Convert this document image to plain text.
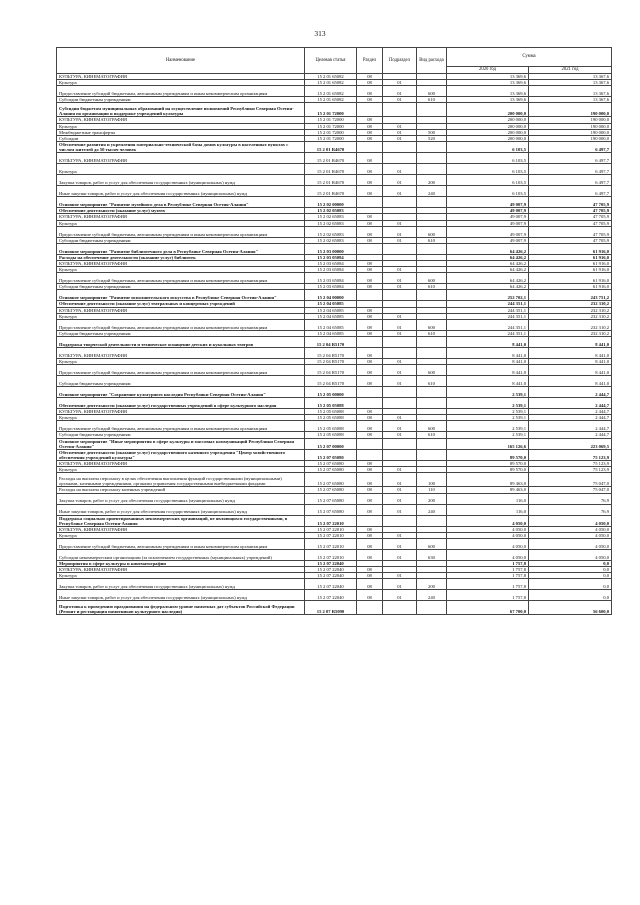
313
Наименование	Целевая статья	Раздел	Подраздел	Вид расхода	Сумма	
					2020 год	2021 год
КУЛЬТУРА, КИНЕМАТОГРАФИЯ	15 2 01 65082	08			13 369,6	13 367,6
Культура	15 2 01 65082	08	01		13 369,6	13 367,6
Предоставление субсидий бюджетным, автономным учреждениям и иным некоммерческим организациям	15 2 01 65082	08	01	600	13 369,6	13 367,6
Субсидии бюджетным учреждениям	15 2 01 65082	08	01	610	13 369,6	13 367,6
Субсидии бюджетам муниципальных образований на осуществление полномочий Республики Северная Осетия-Алания по организации и поддержке учреждений культуры	15 2 01 72000				200 000,0	190 000,0
КУЛЬТУРА, КИНЕМАТОГРАФИЯ	15 2 01 72000	08			200 000,0	190 000,0
Культура	15 2 01 72000	08	01		200 000,0	190 000,0
Межбюджетные трансферты	15 2 01 72000	08	01	500	200 000,0	190 000,0
Субсидии	15 2 01 72000	08	01	520	200 000,0	190 000,0
Обеспечение развития и укрепления материально-технической базы домов культуры в населенных пунктах с числом жителей до 50 тысяч человек	15 2 01 R4670				6 103,5	6 497,7
КУЛЬТУРА, КИНЕМАТОГРАФИЯ	15 2 01 R4670	08			6 103,5	6 497,7
Культура	15 2 01 R4670	08	01		6 103,5	6 497,7
Закупка товаров, работ и услуг для обеспечения государственных (муниципальных) нужд	15 2 01 R4670	08	01	200	6 103,5	6 497,7
Иные закупки товаров, работ и услуг для обеспечения государственных (муниципальных) нужд	15 2 01 R4670	08	01	240	6 103,5	6 497,7
Основное мероприятие "Развитие музейного дела в Республике Северная Осетия-Алания"	15 2 02 00000				49 007,9	47 705,9
Обеспечение деятельности (оказание услуг) музеев	15 2 02 05083				49 007,9	47 705,9
КУЛЬТУРА, КИНЕМАТОГРАФИЯ	15 2 02 65083	08			49 007,9	47 705,9
Культура	15 2 02 65083	08	01		49 007,9	47 705,9
Предоставление субсидий бюджетным, автономным учреждениям и иным некоммерческим организациям	15 2 02 65083	08	01	600	49 007,9	47 705,9
Субсидии бюджетным учреждениям	15 2 02 65083	08	01	610	49 007,9	47 705,9
Основное мероприятие "Развитие библиотечного дела в Республике Северная Осетия-Алания"	15 2 03 00000				64 426,2	61 916,0
Расходы на обеспечение деятельности (оказание услуг) библиотек	15 2 03 05084				64 426,2	61 916,0
КУЛЬТУРА, КИНЕМАТОГРАФИЯ	15 2 03 65084	08			64 426,2	61 916,0
Культура	15 2 03 65084	08	01		64 426,2	61 916,0
Предоставление субсидий бюджетным, автономным учреждениям и иным некоммерческим организациям	15 2 03 65084	08	01	600	64 426,2	61 916,0
Субсидии бюджетным учреждениям	15 2 03 65084	08	01	610	64 426,2	61 916,0
Основное мероприятие "Развитие исполнительского искусства в Республике Северная Осетия-Алания"	15 2 04 00000				252 702,1	243 751,2
Обеспечение деятельности (оказание услуг) театральных и концертных учреждений	15 2 04 05085				244 351,1	232 310,2
КУЛЬТУРА, КИНЕМАТОГРАФИЯ	15 2 04 65085	08			244 351,1	232 310,2
Культура	15 2 04 65085	08	01		244 351,1	232 310,2
Предоставление субсидий бюджетным, автономным учреждениям и иным некоммерческим организациям	15 2 04 65085	08	01	600	244 351,1	232 310,2
Субсидии бюджетным учреждениям	15 2 04 65085	08	01	610	244 351,1	232 310,2
Поддержка творческой деятельности и техническое оснащение детских и кукольных театров	15 2 04 R5170				8 441,0	8 441,0
КУЛЬТУРА, КИНЕМАТОГРАФИЯ	15 2 04 R5170	08			8 441,0	8 441,0
Культура	15 2 04 R5170	08	01		8 441,0	8 441,0
Предоставление субсидий бюджетным, автономным учреждениям и иным некоммерческим организациям	15 2 04 R5170	08	01	600	8 441,0	8 441,0
Субсидии бюджетным учреждениям	15 2 04 R5170	08	01	610	8 441,0	8 441,0
Основное мероприятие "Сохранение культурного наследия Республики Северная Осетия-Алания"	15 2 05 00000				2 539,1	2 444,7
Обеспечение деятельности (оказание услуг) государственных учреждений в сфере культурного наследия	15 2 05 05088				2 539,1	2 444,7
КУЛЬТУРА, КИНЕМАТОГРАФИЯ	15 2 05 65088	08			2 539,1	2 444,7
Культура	15 2 05 65088	08	01		2 539,1	2 444,7
Предоставление субсидий бюджетным, автономным учреждениям и иным некоммерческим организациям	15 2 05 65088	08	01	600	2 539,1	2 444,7
Субсидии бюджетным учреждениям	15 2 05 65088	08	01	610	2 539,1	2 444,7
Основное мероприятие "Иные мероприятия в сфере культуры и массовых коммуникаций Республики Северная Осетия-Алания"	15 2 07 00000				165 126,6	223 069,5
Обеспечение деятельности (оказание услуг) государственного казенного учреждения "Центр хозяйственного обеспечения учреждений культуры"	15 2 07 05080				89 570,0	75 123,9
КУЛЬТУРА, КИНЕМАТОГРАФИЯ	15 2 07 65080	08			89 570,0	75 123,9
Культура	15 2 07 65080	08	01		89 570,0	75 123,9
Расходы на выплаты персоналу в целях обеспечения выполнения функций государственными (муниципальными) органами, казенными учреждениями, органами управления государственными внебюджетными фондами	15 2 07 65080	08	01	100	89 463,0	75 047,0
Расходы на выплаты персоналу казенных учреждений	15 2 07 65080	08	01	110	89 463,0	75 047,0
Закупка товаров, работ и услуг для обеспечения государственных (муниципальных) нужд	15 2 07 65080	08	01	200	116,0	76,9
Иные закупки товаров, работ и услуг для обеспечения государственных (муниципальных) нужд	15 2 07 65080	08	01	240	116,0	76,9
Поддержка социально ориентированных некоммерческих организаций, не являющихся государственными, в Республике Северная Осетия-Алания	15 2 07 22010				4 050,0	4 050,0
КУЛЬТУРА, КИНЕМАТОГРАФИЯ	15 2 07 22010	08			4 050,0	4 050,0
Культура	15 2 07 22010	08	01		4 050,0	4 050,0
Предоставление субсидий бюджетным, автономным учреждениям и иным некоммерческим организациям	15 2 07 22010	08	01	600	4 050,0	4 050,0
Субсидии некоммерческим организациям (за исключением государственных (муниципальных) учреждений)	15 2 07 22010	08	01	630	4 050,0	4 050,0
Мероприятия в сфере культуры и кинематографии	15 2 07 22040				1 757,8	0,0
КУЛЬТУРА, КИНЕМАТОГРАФИЯ	15 2 07 22040	08			1 757,8	0,0
Культура	15 2 07 22040	08	01		1 757,8	0,0
Закупка товаров, работ и услуг для обеспечения государственных (муниципальных) нужд	15 2 07 22040	08	01	200	1 757,8	0,0
Иные закупки товаров, работ и услуг для обеспечения государственных (муниципальных) нужд	15 2 07 22040	08	01	240	1 757,8	0,0
Подготовка к проведению празднования на федеральном уровне памятных дат субъектов Российской Федерации (Ремонт и реставрация памятников культурного наследия)	15 2 07 R5090				67 700,0	56 600,0
